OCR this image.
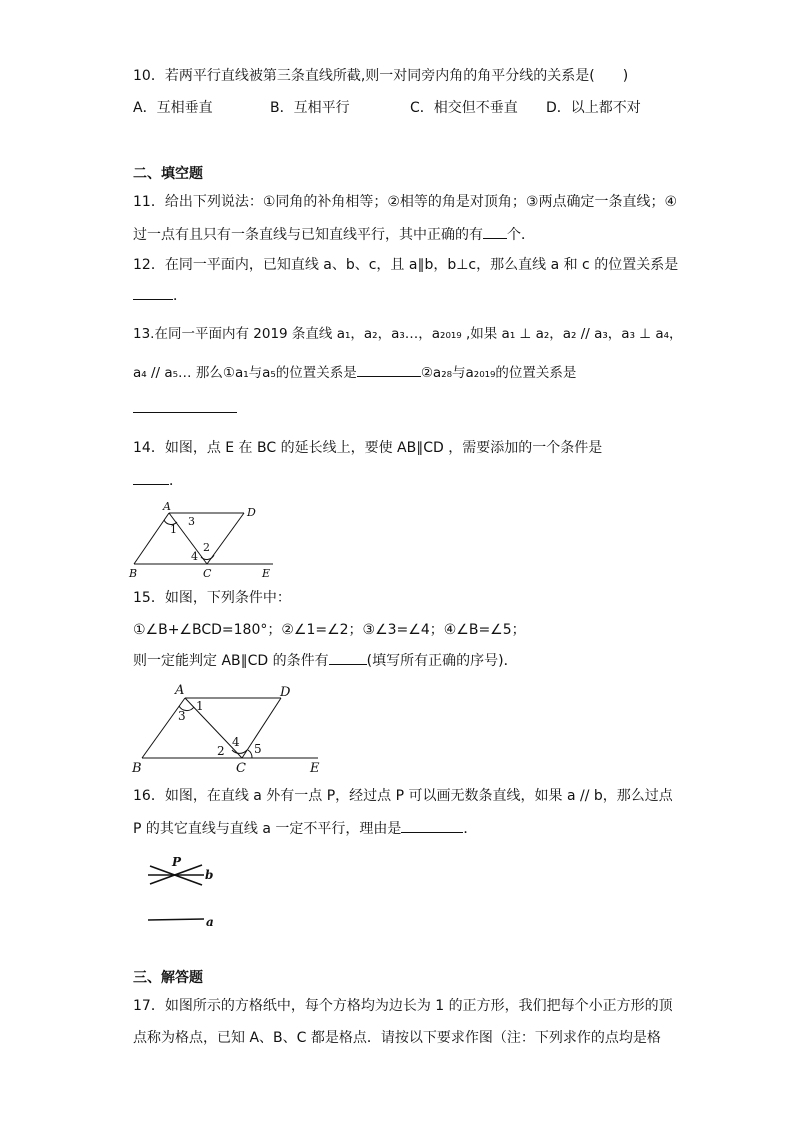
10．若两平行直线被第三条直线所截,则一对同旁内角的角平分线的关系是(　　)
A．互相垂直	B．互相平行	C．相交但不垂直 D．以上都不对
二、填空题
11．给出下列说法：①同角的补角相等；②相等的角是对顶角；③两点确定一条直线；④
过一点有且只有一条直线与已知直线平行，其中正确的有 个．
12．在同一平面内，已知直线 a、b、c，且 a∥b，b⊥c，那么直线 a 和 c 的位置关系是
．
13.在同一平面内有 2019 条直线 a₁，a₂，a₃…，a₂₀₁₉ ,如果 a₁ ⊥ a₂，a₂ // a₃，a₃ ⊥ a₄，
a₄ // a₅… 那么①a₁与a₅的位置关系是	②a₂₈与a₂₀₁₉的位置关系是
14．如图，点 E 在 BC 的延长线上，要使 AB∥CD ，需要添加的一个条件是
．
A	D
B	C	E
1
3
2
4
15．如图，下列条件中：
①∠B+∠BCD=180°；②∠1=∠2；③∠3=∠4；④∠B=∠5；
则一定能判定 AB∥CD 的条件有	(填写所有正确的序号)．
A	D
B	C	E
1
3
2
4 5
16．如图，在直线 a 外有一点 P，经过点 P 可以画无数条直线，如果 a // b，那么过点
P 的其它直线与直线 a 一定不平行，理由是	．
P
b
a
三、解答题
17．如图所示的方格纸中，每个方格均为边长为 1 的正方形，我们把每个小正方形的顶
点称为格点，已知 A、B、C 都是格点．请按以下要求作图（注：下列求作的点均是格
